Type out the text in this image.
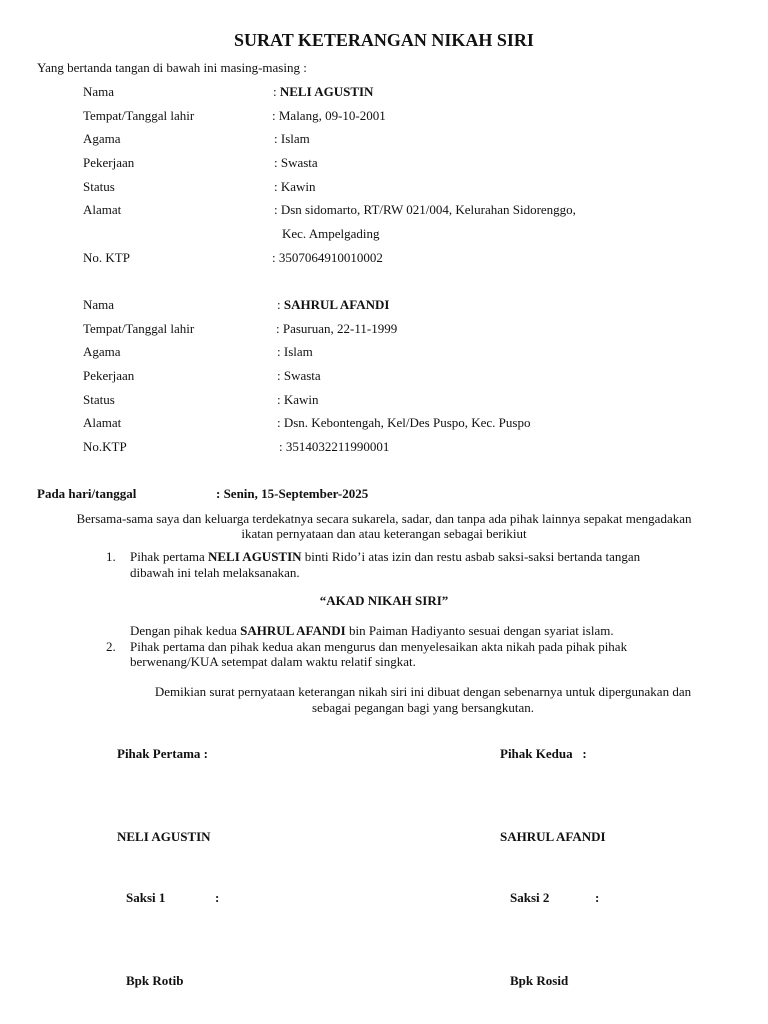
SURAT KETERANGAN NIKAH SIRI
Yang bertanda tangan di bawah ini masing-masing :
Nama	: NELI AGUSTIN
Tempat/Tanggal lahir	: Malang, 09-10-2001
Agama	: Islam
Pekerjaan	: Swasta
Status	: Kawin
Alamat	: Dsn sidomarto, RT/RW 021/004, Kelurahan Sidorenggo,
Kec. Ampelgading
No. KTP	: 3507064910010002
Nama	: SAHRUL AFANDI
Tempat/Tanggal lahir	: Pasuruan, 22-11-1999
Agama	: Islam
Pekerjaan	: Swasta
Status	: Kawin
Alamat	: Dsn. Kebontengah, Kel/Des Puspo, Kec. Puspo
No.KTP	: 3514032211990001
Pada hari/tanggal	: Senin, 15-September-2025
Bersama-sama saya dan keluarga terdekatnya secara sukarela, sadar, dan tanpa ada pihak lainnya sepakat mengadakan
ikatan pernyataan dan atau keterangan sebagai berikiut
1. Pihak pertama NELI AGUSTIN binti Rido’i atas izin dan restu asbab saksi-saksi bertanda tangan
dibawah ini telah melaksanakan.
“AKAD NIKAH SIRI”
Dengan pihak kedua SAHRUL AFANDI bin Paiman Hadiyanto sesuai dengan syariat islam.
2. Pihak pertama dan pihak kedua akan mengurus dan menyelesaikan akta nikah pada pihak pihak
berwenang/KUA setempat dalam waktu relatif singkat.
Demikian surat pernyataan keterangan nikah siri ini dibuat dengan sebenarnya untuk dipergunakan dan
sebagai pegangan bagi yang bersangkutan.
Pihak Pertama :	Pihak Kedua   :
NELI AGUSTIN	SAHRUL AFANDI
Saksi 1	:	Saksi 2	:
Bpk Rotib	Bpk Rosid
